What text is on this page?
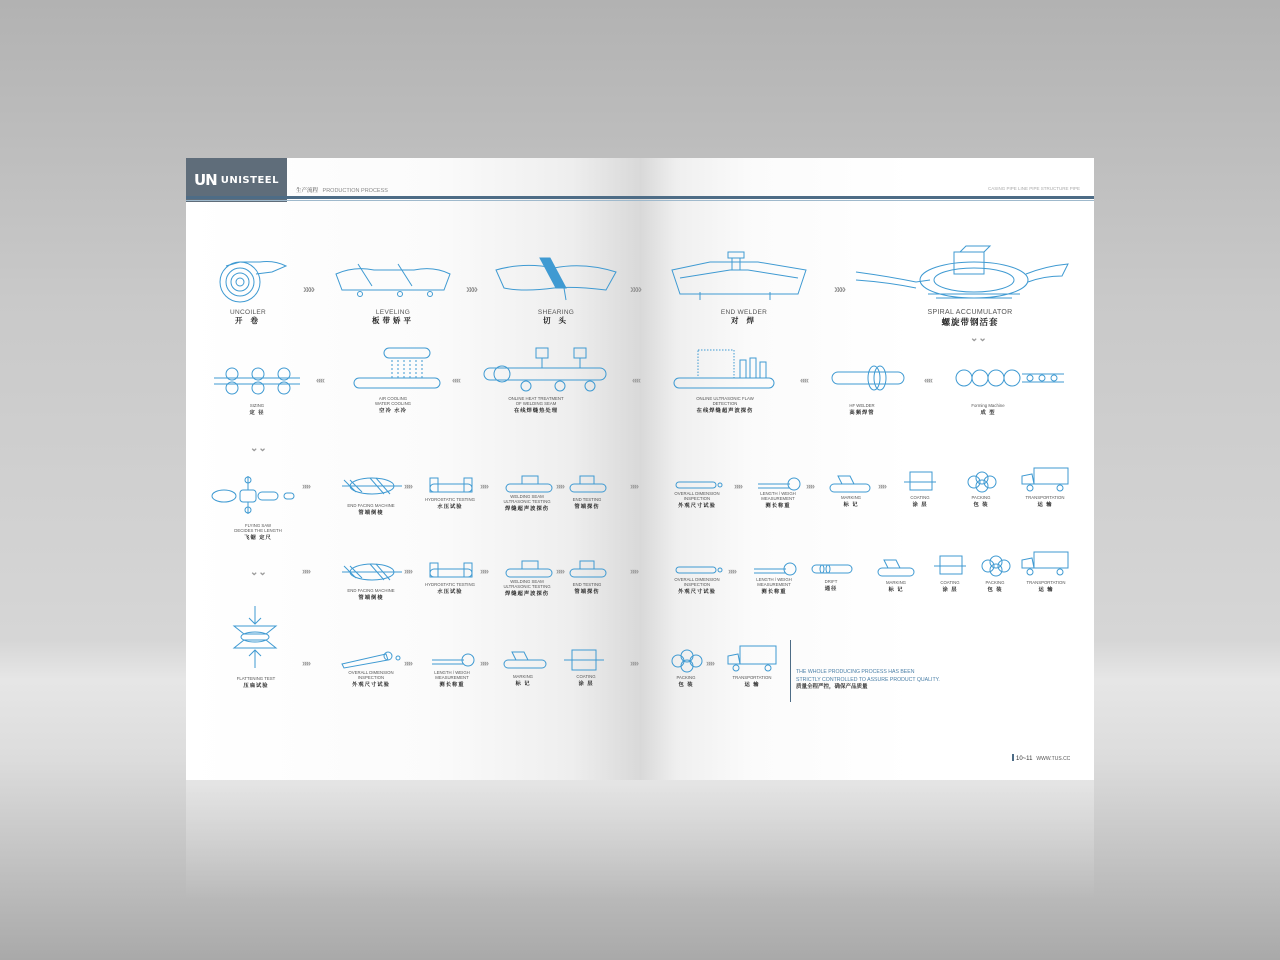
UN UNISTEEL
生产流程 PRODUCTION PROCESS	CASING PIPE LINE PIPE STRUCTURE PIPE
UNCOILER
开 卷
»»»
LEVELING
板带矫平
»»»
SHEARING
切 头
»»»
END WELDER
对 焊
»»»
SPIRAL ACCUMULATOR
螺旋带钢活套
⌄⌄
SIZING
定 径
«««
AIR COOLING
WATER COOLING
空冷 水冷
«««
ONLINE HEAT TREATMENT
OF WELDING SEAM
在线焊缝热处理
«««
ONLINE ULTRASONIC FLAW
DETECTION
在线焊缝超声波探伤
«««
HF WELDER
高频焊管
«««
Forming Machine
成 型
⌄⌄
FLYING SAW
DECIDES THE LENGTH
飞锯 定尺
⌄⌄
FLATTENING TEST
压扁试验
»»»
END FACING MACHINE
管端倒棱
»»»
HYDROSTATIC TESTING
水压试验
»»»
WELDING SEAM
ULTRASONIC TESTING
焊缝超声波探伤
»»»
END TESTING
管端探伤
»»»
OVERALL DIMENSION
INSPECTION
外观尺寸试验
»»»
LENGTH / WEIGH
MEASUREMENT
测长称重
»»»
MARKING
标 记
»»»
COATING
涂 层
PACKING
包 装
TRANSPORTATION
运 输
»»»
END FACING MACHINE
管端倒棱
»»»
HYDROSTATIC TESTING
水压试验
»»»
WELDING SEAM
ULTRASONIC TESTING
焊缝超声波探伤
»»»
END TESTING
管端探伤
»»»
OVERALL DIMENSION
INSPECTION
外观尺寸试验
»»»
LENGTH / WEIGH
MEASUREMENT
测长称重
DRIFT
通径
MARKING
标 记
COATING
涂 层
PACKING
包 装
TRANSPORTATION
运 输
»»»
OVERALL DIMENSION
INSPECTION
外观尺寸试验
»»»
LENGTH / WEIGH
MEASUREMENT
测长称重
»»»
MARKING
标 记
COATING
涂 层
»»»
PACKING
包 装
»»»
TRANSPORTATION
运 输
THE WHOLE PRODUCING PROCESS HAS BEEN
STRICTLY CONTROLLED TO ASSURE PRODUCT QUALITY.
质量全程严控，确保产品质量
10~11 WWW.TUS.CC
